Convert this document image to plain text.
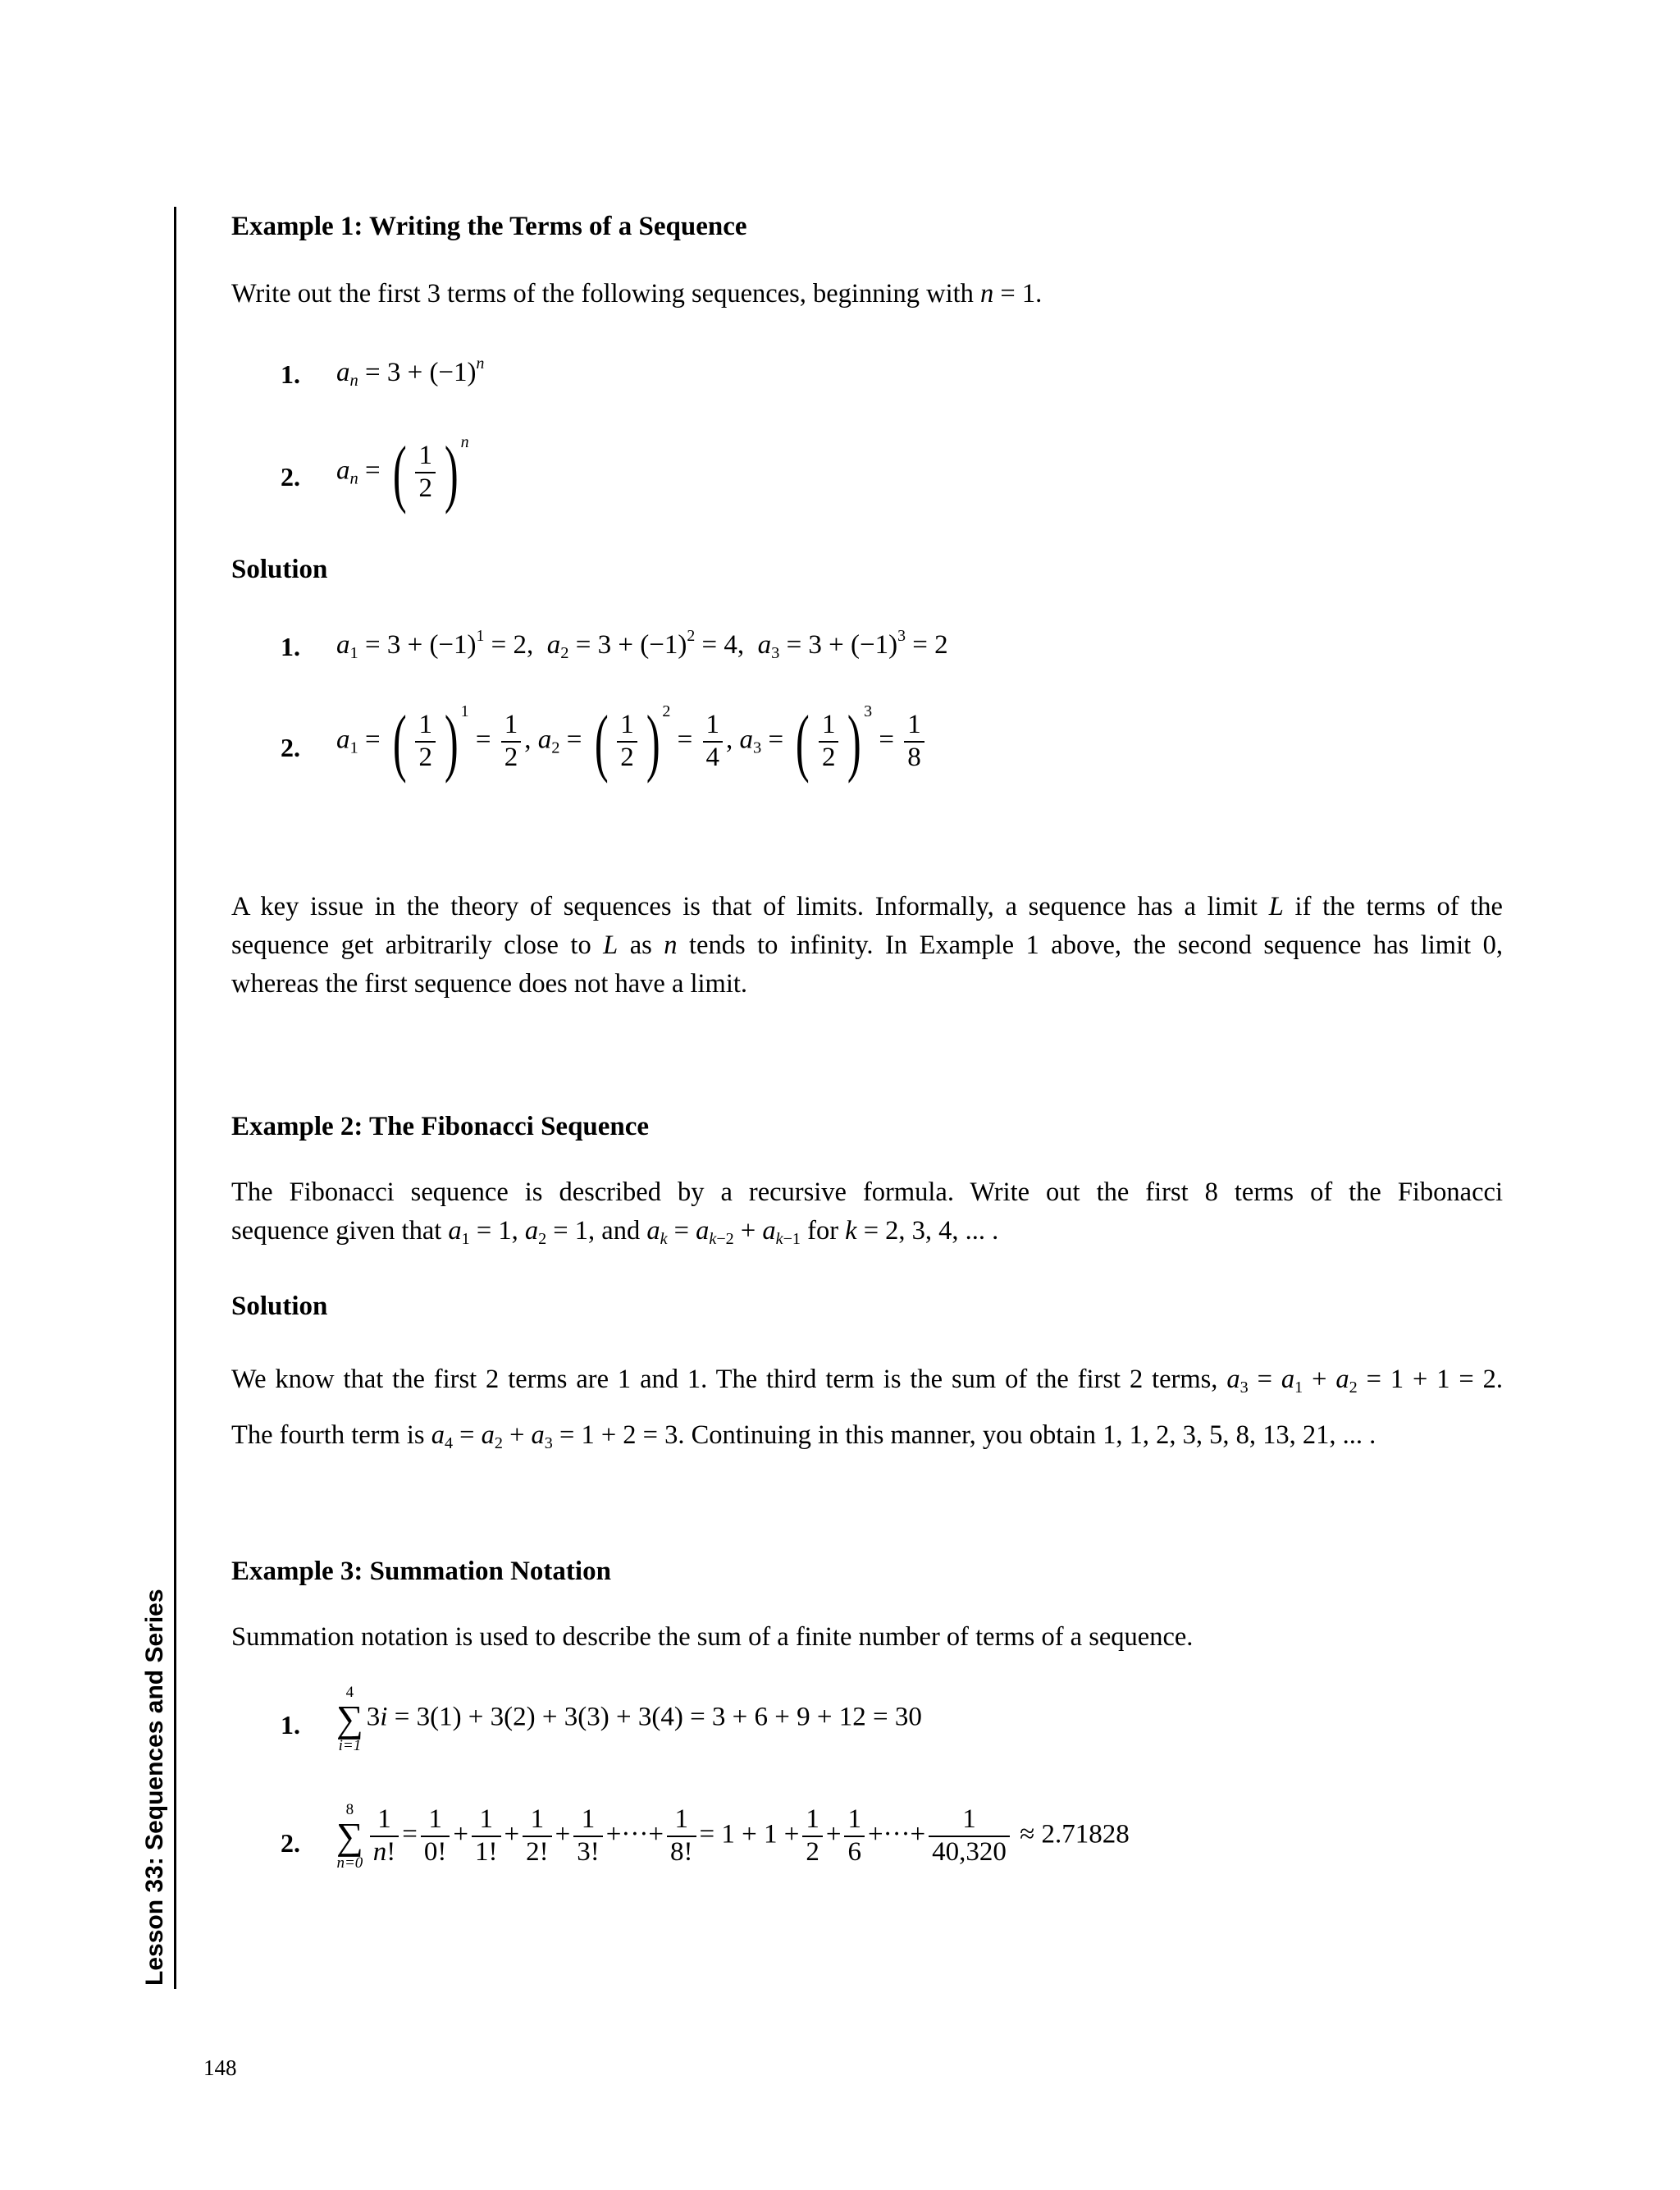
Lesson 33: Sequences and Series
Example 1: Writing the Terms of a Sequence
Write out the first 3 terms of the following sequences, beginning with n = 1.
1. $a_n = 3 + (-1)^n$
2. $a_n$ = ( $\frac{1}{2}$ ) $^n$
Solution
1. $a_1 = 3 + (-1)^1 = 2$, $a_2 = 3 + (-1)^2 = 4$, $a_3 = 3 + (-1)^3 = 2$
2. $a_1$ = ( $\frac{1}{2} )^1$
= $\frac{1}{2}$ , $a_2$ = ( $\frac{1}{2} )^2$
= $\frac{1}{4}$ , $a_3$ = ( $\frac{1}{2} )^3$
= $\frac{1}{8}$
A key issue in the theory of sequences is that of limits. Informally, a sequence has a limit L if the terms of the
sequence get arbitrarily close to L as n tends to infinity. In Example 1 above, the second sequence has limit 0,
whereas the first sequence does not have a limit.
Example 2: The Fibonacci Sequence
The Fibonacci sequence is described by a recursive formula. Write out the first 8 terms of the Fibonacci
sequence given that $a_1 = 1$, $a_2 = 1$, and $a_k = a_{k-2} + a_{k-1}$ for k = 2, 3, 4, ... .
Solution
We know that the first 2 terms are 1 and 1. The third term is the sum of the first 2 terms, $a_3 = a_1 + a_2 = 1 + 1 = 2$.
The fourth term is $a_4 = a_2 + a_3 = 1 + 2 = 3$. Continuing in this manner, you obtain 1, 1, 2, 3, 5, 8, 13, 21, ... .
Example 3: Summation Notation
Summation notation is used to describe the sum of a finite number of terms of a sequence.
1.
4
∑
i=1
3i = 3(1) + 3(2) + 3(3) + 3(4) = 3 + 6 + 9 + 12 = 30
2.
8
∑
$n=0 \frac{1}{n!} = \frac{1}{0!} + \frac{1}{1!} + \frac{1}{2!} + \frac{1}{3!}$ +···+ $\frac{1}{8!} = 1 + 1 + \frac{1}{2} + \frac{1}{6}$ +···+ $\frac{1}{40,320} \approx 2.71828$
148
